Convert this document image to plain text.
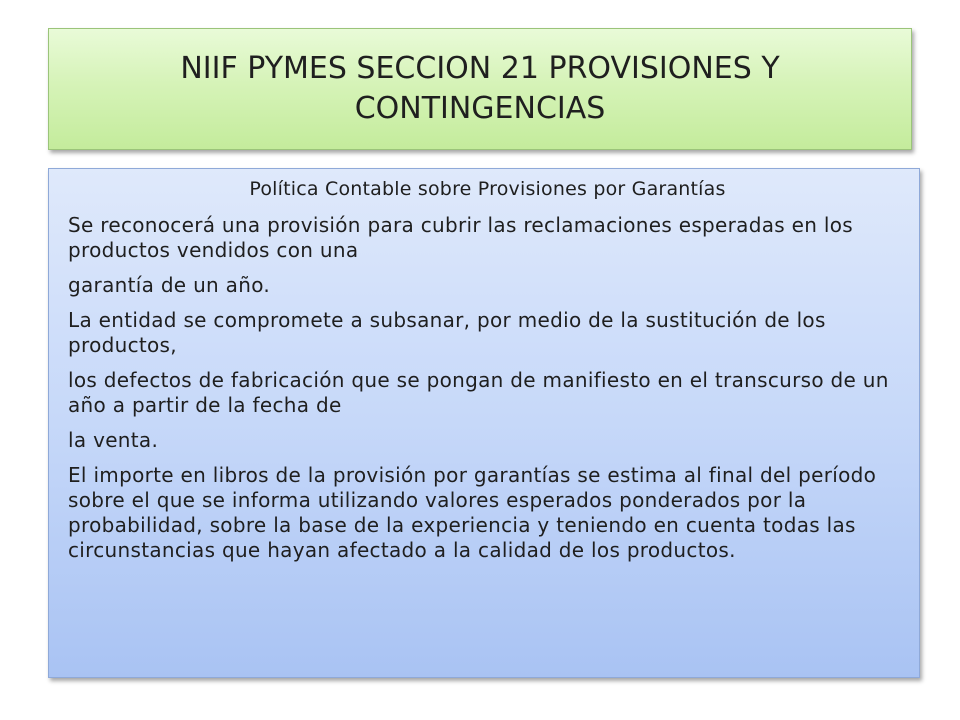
NIIF PYMES SECCION 21 PROVISIONES Y CONTINGENCIAS
Política Contable sobre Provisiones por Garantías
Se reconocerá una provisión para cubrir las reclamaciones esperadas en los productos vendidos con una
garantía de un año.
La entidad se compromete a subsanar, por medio de la sustitución de los productos,
los defectos de fabricación que se pongan de manifiesto en el transcurso de un año a partir de la fecha de
la venta.
El importe en libros de la provisión por garantías se estima al final del período sobre el que se informa utilizando valores esperados ponderados por la probabilidad, sobre la base de la experiencia y teniendo en cuenta todas las circunstancias que hayan afectado a la calidad de los productos.
